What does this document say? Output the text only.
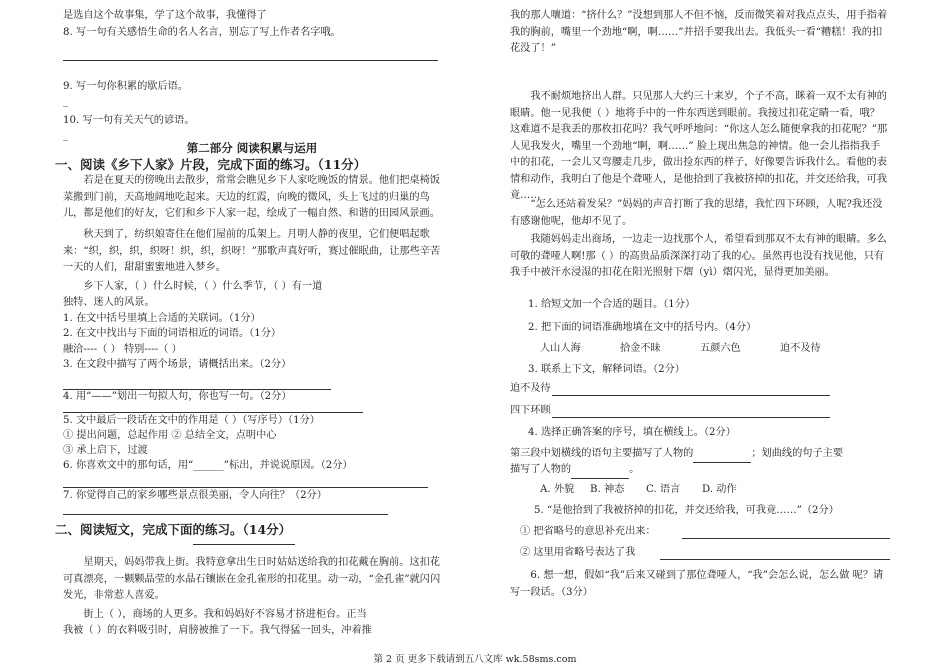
是选自这个故事集，学了这个故事，我懂得了

8. 写一句有关感悟生命的名人名言，别忘了写上作者名字哦。

9. 写一句你积累的歇后语。

_

10. 写一句有关天气的谚语。

_

第二部分 阅读积累与运用

一、阅读《乡下人家》片段，完成下面的练习。（11分）

若是在夏天的傍晚出去散步，常常会瞧见乡下人家吃晚饭的情景。他们把桌椅饭菜搬到门前，天高地阔地吃起来。天边的红霞，向晚的微风，头上飞过的归巢的鸟儿，都是他们的好友，它们和乡下人家一起，绘成了一幅自然、和谐的田园风景画。

秋天到了，纺织娘寄住在他们屋前的瓜架上。月明人静的夜里，它们便唱起歌来：“织，织，织，织呀！织，织，织呀！”那歌声真好听，赛过催眠曲，让那些辛苦一天的人们，甜甜蜜蜜地进入梦乡。

乡下人家，（ ）什么时候，（ ）什么季节，（ ）有一道

独特、迷人的风景。

1. 在文中括号里填上合适的关联词。（1分）

2. 在文中找出与下面的词语相近的词语。（1分）

融洽----（ ） 特别----（ ）

3. 在文段中描写了两个场景，请概括出来。（2分）

4. 用“——”划出一句拟人句，你也写一句。（2分）

5. 文中最后一段话在文中的作用是（ ）（写序号）（1分）

① 提出问题，总起作用 ② 总结全文，点明中心

③ 承上启下，过渡

6. 你喜欢文中的那句话，用“______”标出，并说说原因。（2分）

7. 你觉得自己的家乡哪些景点很美丽，令人向往？（2分）

二、阅读短文，完成下面的练习。（14分）

星期天，妈妈带我上街。我特意拿出生日时姑姑送给我的扣花戴在胸前。这扣花可真漂亮，一颗颗晶莹的水晶石镶嵌在金孔雀形的扣花里。动一动，“金孔雀”就闪闪发光，非常惹人喜爱。

街上（ ），商场的人更多。我和妈妈好不容易才挤进柜台。正当

我被（ ）的衣料吸引时，肩膀被推了一下。我气得猛一回头，冲着推

我的那人嚷道：“挤什么？”没想到那人不但不恼，反而微笑着对我点点头，用手指着我的胸前，嘴里一个劲地“啊，啊……”并招手要我出去。我低头一看“糟糕！我的扣花没了！”

我不耐烦地挤出人群。只见那人大约三十来岁，个子不高，眯着一双不太有神的眼睛。他一见我便（ ）地将手中的一件东西送到眼前。我接过扣花定睛一看，哦？这难道不是我丢的那枚扣花吗？我气呼呼地问：“你这人怎么随便拿我的扣花呢？”那人见我发火，嘴里一个劲地“啊，啊……” 脸上现出焦急的神情。他一会儿指指我手中的扣花，一会儿又弯腰走几步，做出捡东西的样子，好像要告诉我什么。看他的表情和动作，我明白了他是个聋哑人，是他拾到了我被挤掉的扣花，并交还给我，可我竟……

“怎么还站着发呆？”妈妈的声音打断了我的思绪，我忙四下环顾，人呢?我还没有感谢他呢，他却不见了。

我随妈妈走出商场，一边走一边找那个人，希望看到那双不太有神的眼睛。多么可敬的聋哑人啊!那（ ）的高贵品质深深打动了我的心。虽然再也没有找见他，只有我手中被汗水浸湿的扣花在阳光照射下熠（yì）熠闪光，显得更加美丽。

1. 给短文加一个合适的题目。（1分）

2. 把下面的词语准确地填在文中的括号内。（4分）

人山人海	拾金不昧	五颜六色	迫不及待

3. 联系上下文，解释词语。（2分）

迫不及待

四下环顾

4. 选择正确答案的序号，填在横线上。（2分）

第三段中划横线的语句主要描写了人物的	；划曲线的句子主要

描写了人物的	。

A. 外貌 B. 神态 C. 语言 D. 动作

5. “是他拾到了我被挤掉的扣花，并交还给我，可我竟……”（2分）

① 把省略号的意思补充出来：

② 这里用省略号表达了我

6. 想一想，假如“我”后来又碰到了那位聋哑人，“我”会怎么说，怎么做 呢？请写一段话。（3分）

第 2 页 更多下载请到五八文库 wk.58sms.com
